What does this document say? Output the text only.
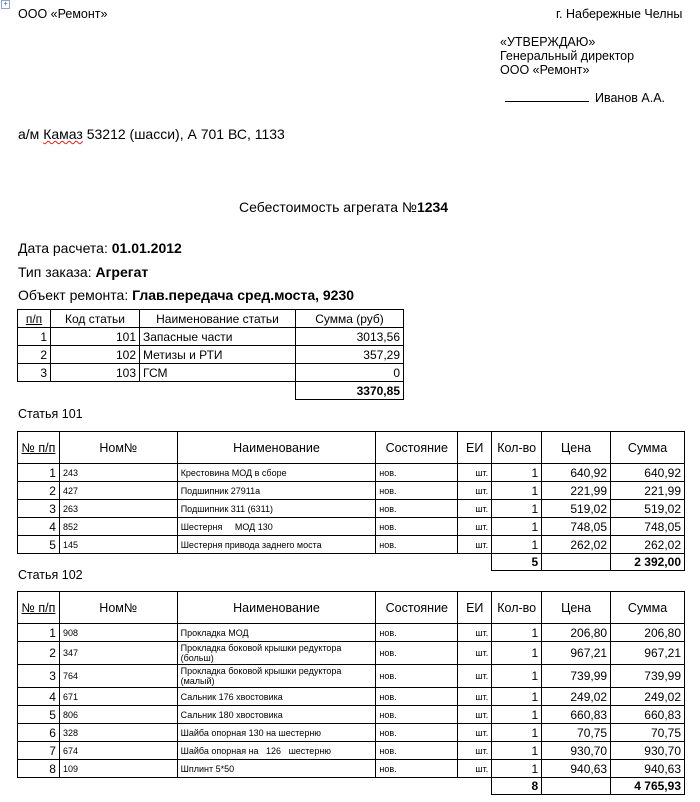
+
ООО «Ремонт»	г. Набережные Челны
«УТВЕРЖДАЮ»
Генеральный директор
ООО «Ремонт»
Иванов А.А.
а/м Камаз 53212 (шасси), А 701 ВС, 1133
Себестоимость агрегата №1234
Дата расчета: 01.01.2012
Тип заказа: Агрегат
Объект ремонта: Глав.передача сред.моста, 9230
п/п	Код статьи	Наименование статьи	Сумма (руб)
1	101	Запасные части	3013,56
2	102	Метизы и РТИ	357,29
3	103	ГСМ	0
			3370,85
Статья 101
№ п/п	Ном№	Наименование	Состояние	ЕИ	Кол-во	Цена	Сумма
1	243	Крестовина МОД в сборе	нов.	шт.	1	640,92	640,92
2	427	Подшипник 27911а	нов.	шт.	1	221,99	221,99
3	263	Подшипник 311 (6311)	нов.	шт.	1	519,02	519,02
4	852	Шестерня     МОД 130	нов.	шт.	1	748,05	748,05
5	145	Шестерня привода заднего моста	нов.	шт.	1	262,02	262,02
					5		2 392,00
Статья 102
№ п/п	Ном№	Наименование	Состояние	ЕИ	Кол-во	Цена	Сумма
1	908	Прокладка МОД	нов.	шт.	1	206,80	206,80
2	347	Прокладка боковой крышки редуктора (больш)	нов.	шт.	1	967,21	967,21
3	764	Прокладка боковой крышки редуктора (малый)	нов.	шт.	1	739,99	739,99
4	671	Сальник 176 хвостовика	нов.	шт.	1	249,02	249,02
5	806	Сальник 180 хвостовика	нов.	шт.	1	660,83	660,83
6	328	Шайба опорная 130 на шестерню	нов.	шт.	1	70,75	70,75
7	674	Шайба опорная на   126   шестерню	нов.	шт.	1	930,70	930,70
8	109	Шплинт 5*50	нов.	шт.	1	940,63	940,63
					8		4 765,93
